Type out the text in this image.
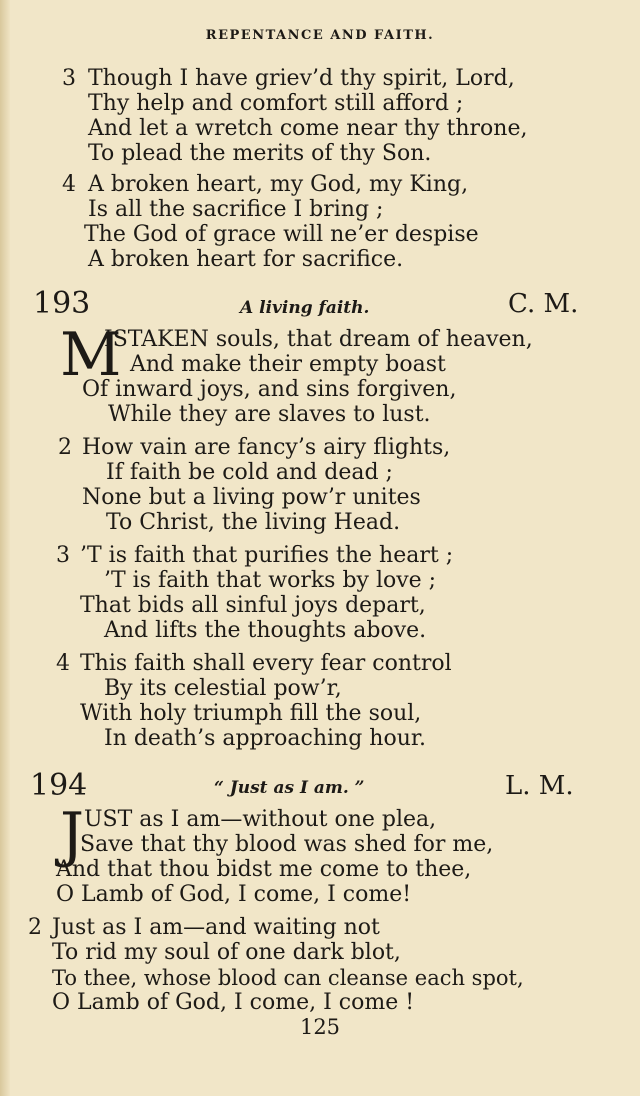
REPENTANCE AND FAITH.
3 Though I have griev’d thy spirit, Lord,
Thy help and comfort still afford ;
And let a wretch come near thy throne,
To plead the merits of thy Son.
4 A broken heart, my God, my King,
Is all the sacrifice I bring ;
The God of grace will ne’er despise
A broken heart for sacrifice.
193	A living faith.	C. M.
M
ISTAKEN souls, that dream of heaven,
And make their empty boast
Of inward joys, and sins forgiven,
While they are slaves to lust.
2 How vain are fancy’s airy flights,
If faith be cold and dead ;
None but a living pow’r unites
To Christ, the living Head.
3 ’T is faith that purifies the heart ;
’T is faith that works by love ;
That bids all sinful joys depart,
And lifts the thoughts above.
4 This faith shall every fear control
By its celestial pow’r,
With holy triumph fill the soul,
In death’s approaching hour.
194	“ Just as I am. ”	L. M.
J UST as I am—without one plea,
Save that thy blood was shed for me,
And that thou bidst me come to thee,
O Lamb of God, I come, I come!
2 Just as I am—and waiting not
To rid my soul of one dark blot,
To thee, whose blood can cleanse each spot,
O Lamb of God, I come, I come !
125
